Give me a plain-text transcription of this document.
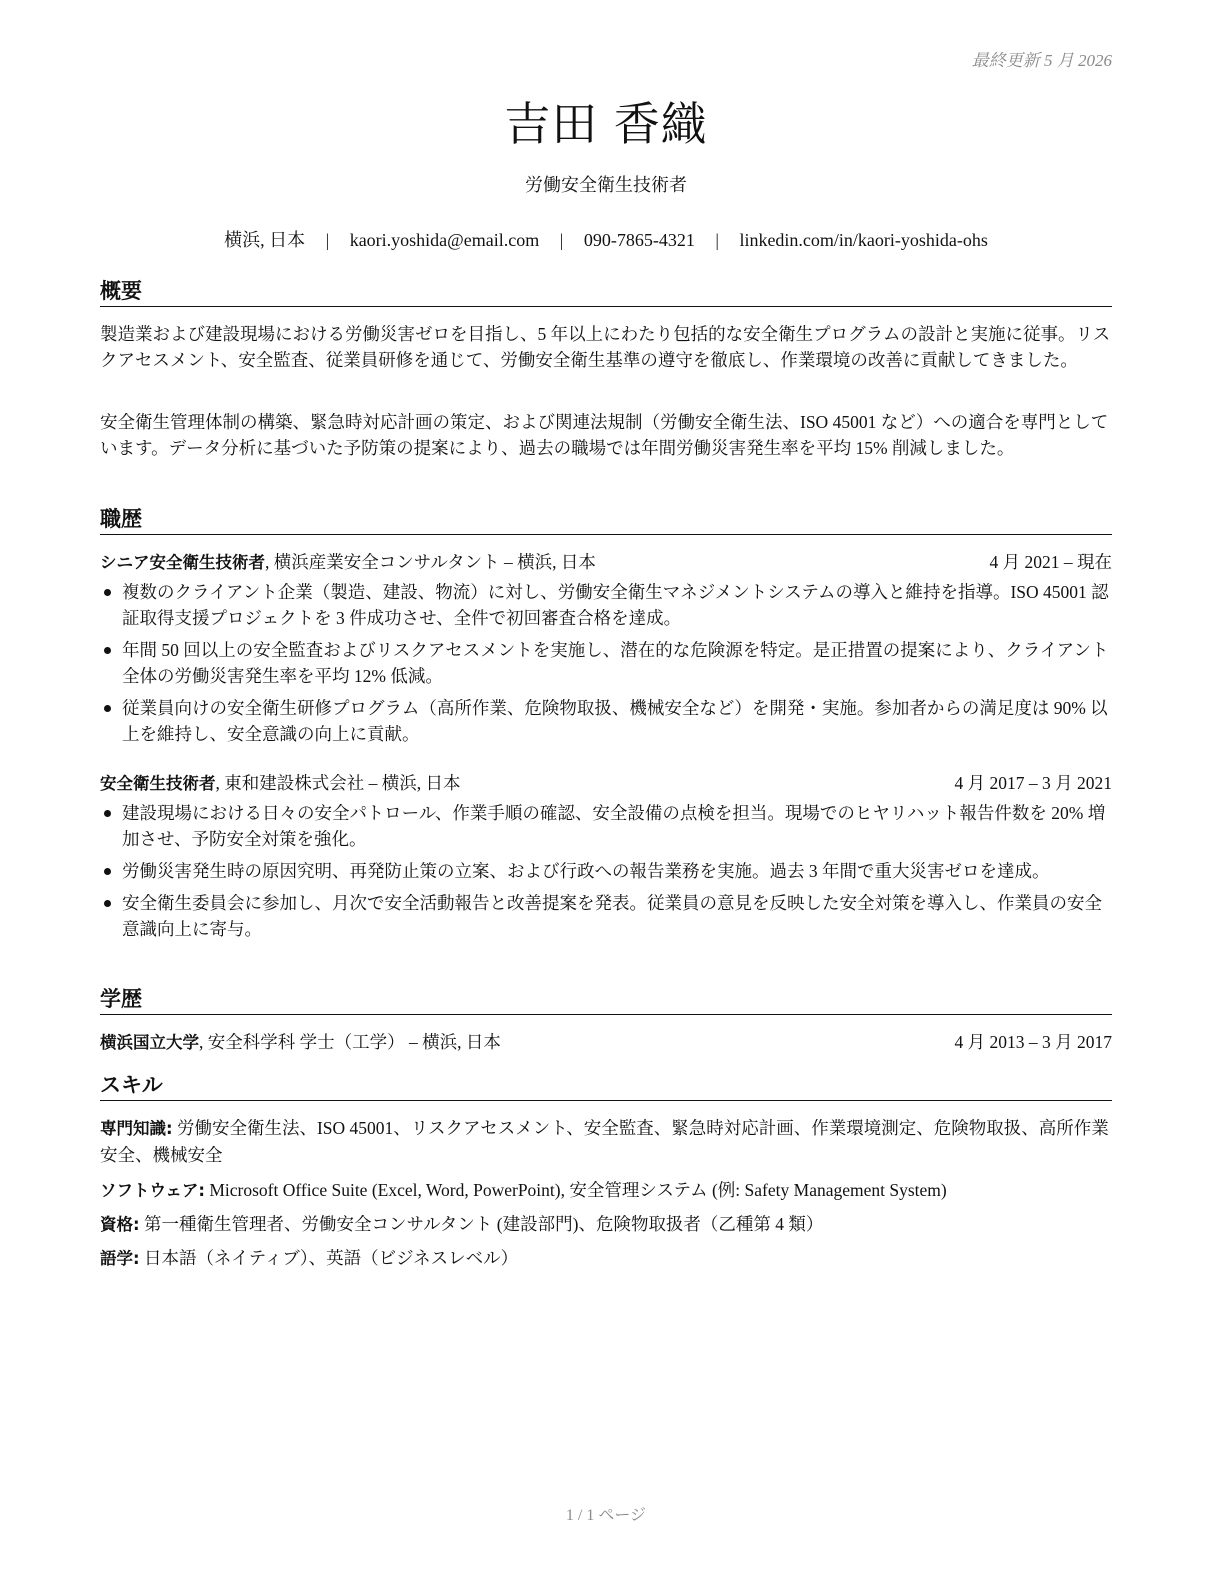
最終更新 5 月 2026
吉田 香織
労働安全衛生技術者
横浜, 日本 | kaori.yoshida@email.com | 090-7865-4321 | linkedin.com/in/kaori-yoshida-ohs
概要
製造業および建設現場における労働災害ゼロを目指し、5 年以上にわたり包括的な安全衛生プログラムの設計と実施に従事。リスクアセスメント、安全監査、従業員研修を通じて、労働安全衛生基準の遵守を徹底し、作業環境の改善に貢献してきました。
安全衛生管理体制の構築、緊急時対応計画の策定、および関連法規制（労働安全衛生法、ISO 45001 など）への適合を専門としています。データ分析に基づいた予防策の提案により、過去の職場では年間労働災害発生率を平均 15% 削減しました。
職歴
シニア安全衛生技術者, 横浜産業安全コンサルタント – 横浜, 日本	4 月 2021 – 現在
複数のクライアント企業（製造、建設、物流）に対し、労働安全衛生マネジメントシステムの導入と維持を指導。ISO 45001 認証取得支援プロジェクトを 3 件成功させ、全件で初回審査合格を達成。
年間 50 回以上の安全監査およびリスクアセスメントを実施し、潜在的な危険源を特定。是正措置の提案により、クライアント全体の労働災害発生率を平均 12% 低減。
従業員向けの安全衛生研修プログラム（高所作業、危険物取扱、機械安全など）を開発・実施。参加者からの満足度は 90% 以上を維持し、安全意識の向上に貢献。
安全衛生技術者, 東和建設株式会社 – 横浜, 日本	4 月 2017 – 3 月 2021
建設現場における日々の安全パトロール、作業手順の確認、安全設備の点検を担当。現場でのヒヤリハット報告件数を 20% 増加させ、予防安全対策を強化。
労働災害発生時の原因究明、再発防止策の立案、および行政への報告業務を実施。過去 3 年間で重大災害ゼロを達成。
安全衛生委員会に参加し、月次で安全活動報告と改善提案を発表。従業員の意見を反映した安全対策を導入し、作業員の安全意識向上に寄与。
学歴
横浜国立大学, 安全科学科 学士（工学） – 横浜, 日本	4 月 2013 – 3 月 2017
スキル
専門知識: 労働安全衛生法、ISO 45001、リスクアセスメント、安全監査、緊急時対応計画、作業環境測定、危険物取扱、高所作業安全、機械安全
ソフトウェア: Microsoft Office Suite (Excel, Word, PowerPoint), 安全管理システム (例: Safety Management System)
資格: 第一種衛生管理者、労働安全コンサルタント (建設部門)、危険物取扱者（乙種第 4 類）
語学: 日本語（ネイティブ）、英語（ビジネスレベル）
1 / 1 ページ
